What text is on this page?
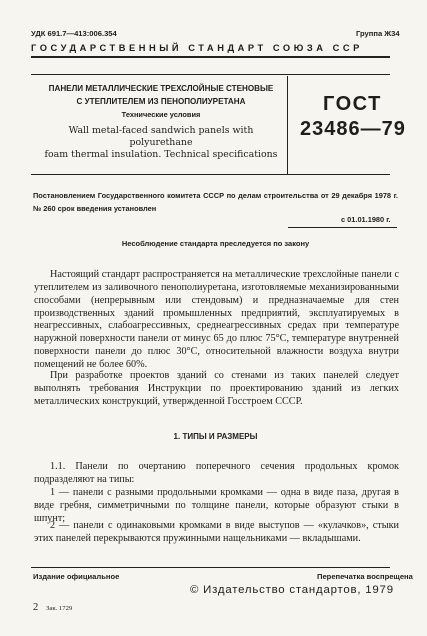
УДК 691.7—413:006.354	Группа Ж34
ГОСУДАРСТВЕННЫЙ СТАНДАРТ СОЮЗА ССР
ПАНЕЛИ МЕТАЛЛИЧЕСКИЕ ТРЕХСЛОЙНЫЕ СТЕНОВЫЕ
С УТЕПЛИТЕЛЕМ ИЗ ПЕНОПОЛИУРЕТАНА
Технические условия
Wall metal-faced sandwich panels with polyurethane
foam thermal insulation. Technical specifications
ГОСТ
23486—79
Постановлением Государственного комитета СССР по делам строительства от 29 декабря 1978 г. № 260 срок введения установлен
с 01.01.1980 г.
Несоблюдение стандарта преследуется по закону

Настоящий стандарт распространяется на металлические трехслойные панели с утеплителем из заливочного пенополиуретана, изготовляемые механизированными способами (непрерывным или стендовым) и предназначаемые для стен производственных зданий промышленных предприятий, эксплуатируемых в неагрессивных, слабоагрессивных, среднеагрессивных средах при температуре наружной поверхности панели от минус 65 до плюс 75°C, температуре внутренней поверхности панели до плюс 30°C, относительной влажности воздуха внутри помещений не более 60%.

При разработке проектов зданий со стенами из таких панелей следует выполнять требования Инструкции по проектированию зданий из легких металлических конструкций, утвержденной Госстроем СССР.

1. ТИПЫ И РАЗМЕРЫ

1.1. Панели по очертанию поперечного сечения продольных кромок подразделяют на типы:

1 — панели с разными продольными кромками — одна в виде паза, другая в виде гребня, симметричными по толщине панели, которые образуют стыки в шпунт;

2 — панели с одинаковыми кромками в виде выступов — «кулачков», стыки этих панелей перекрываются пружинными нащельниками — вкладышами.

Издание официальное	Перепечатка воспрещена
© Издательство стандартов, 1979
2 Зак. 1729
